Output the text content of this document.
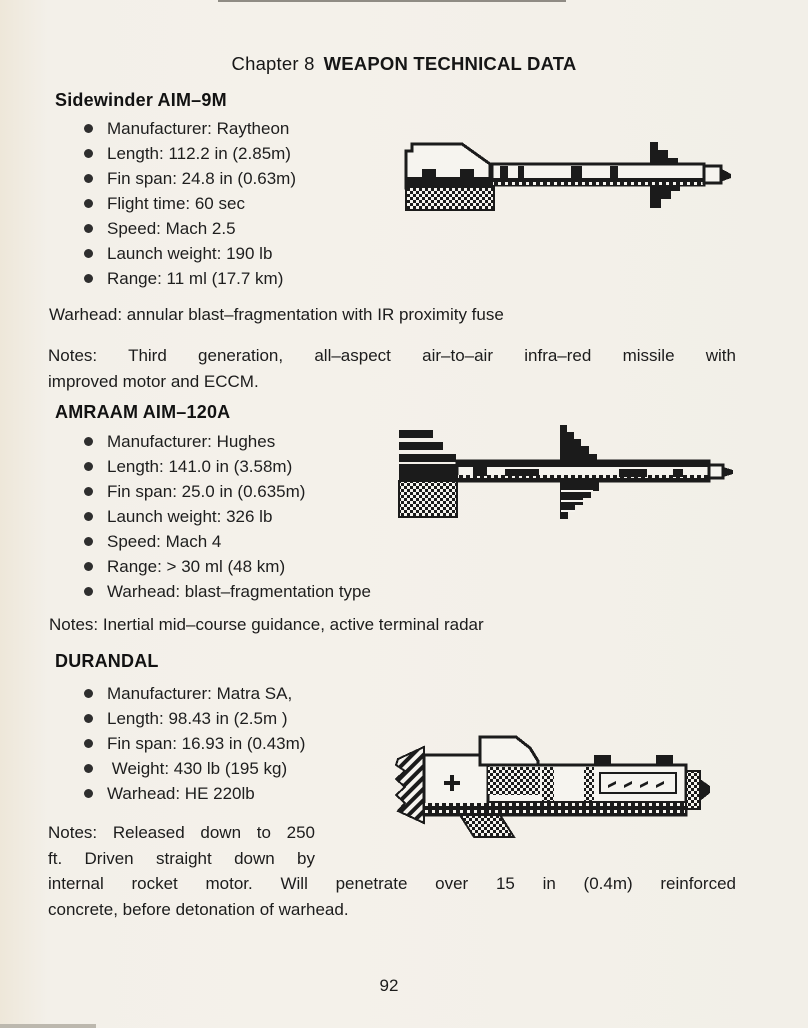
Chapter 8 WEAPON TECHNICAL DATA
Sidewinder AIM–9M
Manufacturer: Raytheon
Length: 112.2 in (2.85m)
Fin span: 24.8 in (0.63m)
Flight time: 60 sec
Speed: Mach 2.5
Launch weight: 190 lb
Range: 11 ml (17.7 km)

Warhead: annular blast–fragmentation with IR proximity fuse

Notes: Third generation, all–aspect air–to–air infra–red missile with
improved motor and ECCM.
AMRAAM AIM–120A
Manufacturer: Hughes
Length: 141.0 in (3.58m)
Fin span: 25.0 in (0.635m)
Launch weight: 326 lb
Speed: Mach 4
Range: > 30 ml (48 km)
Warhead: blast–fragmentation type

Notes: Inertial mid–course guidance, active terminal radar

DURANDAL
Manufacturer: Matra SA,
Length: 98.43 in (2.5m )
Fin span: 16.93 in (0.43m)
Weight: 430 lb (195 kg)
Warhead: HE 220lb
Notes: Released down to 250
ft. Driven straight down by
internal rocket motor. Will penetrate over 15 in (0.4m) reinforced
concrete, before detonation of warhead.
92
